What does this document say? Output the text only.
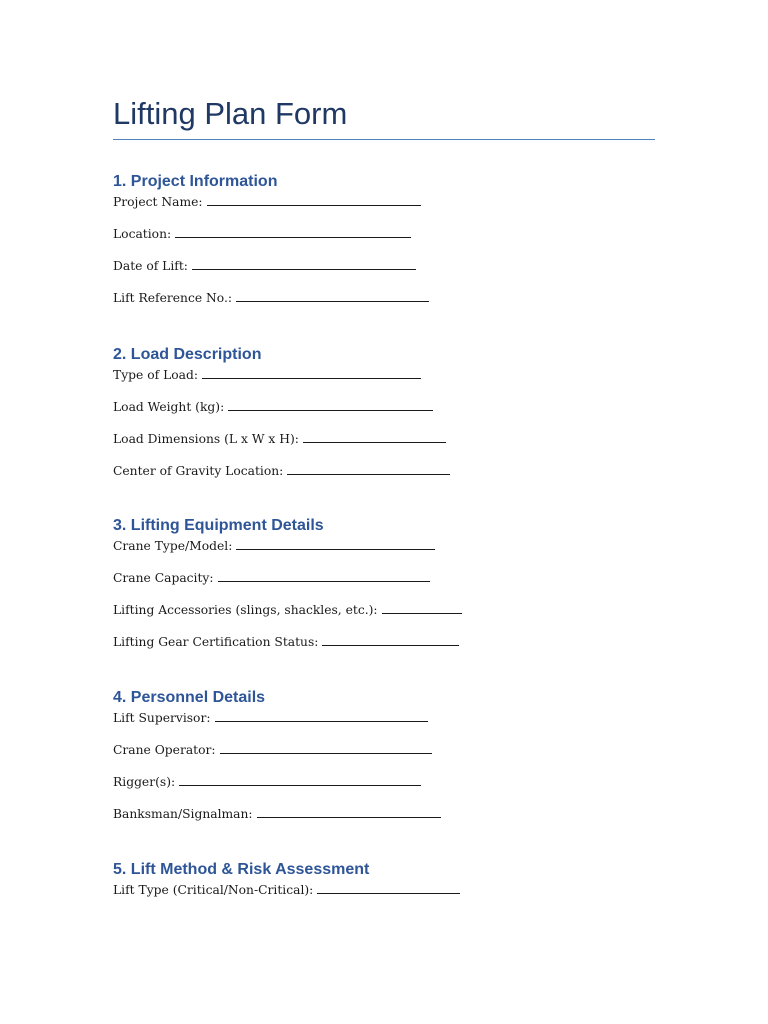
Lifting Plan Form
1. Project Information
Project Name:
Location:
Date of Lift:
Lift Reference No.:
2. Load Description
Type of Load:
Load Weight (kg):
Load Dimensions (L x W x H):
Center of Gravity Location:
3. Lifting Equipment Details
Crane Type/Model:
Crane Capacity:
Lifting Accessories (slings, shackles, etc.):
Lifting Gear Certification Status:
4. Personnel Details
Lift Supervisor:
Crane Operator:
Rigger(s):
Banksman/Signalman:
5. Lift Method & Risk Assessment
Lift Type (Critical/Non-Critical):
